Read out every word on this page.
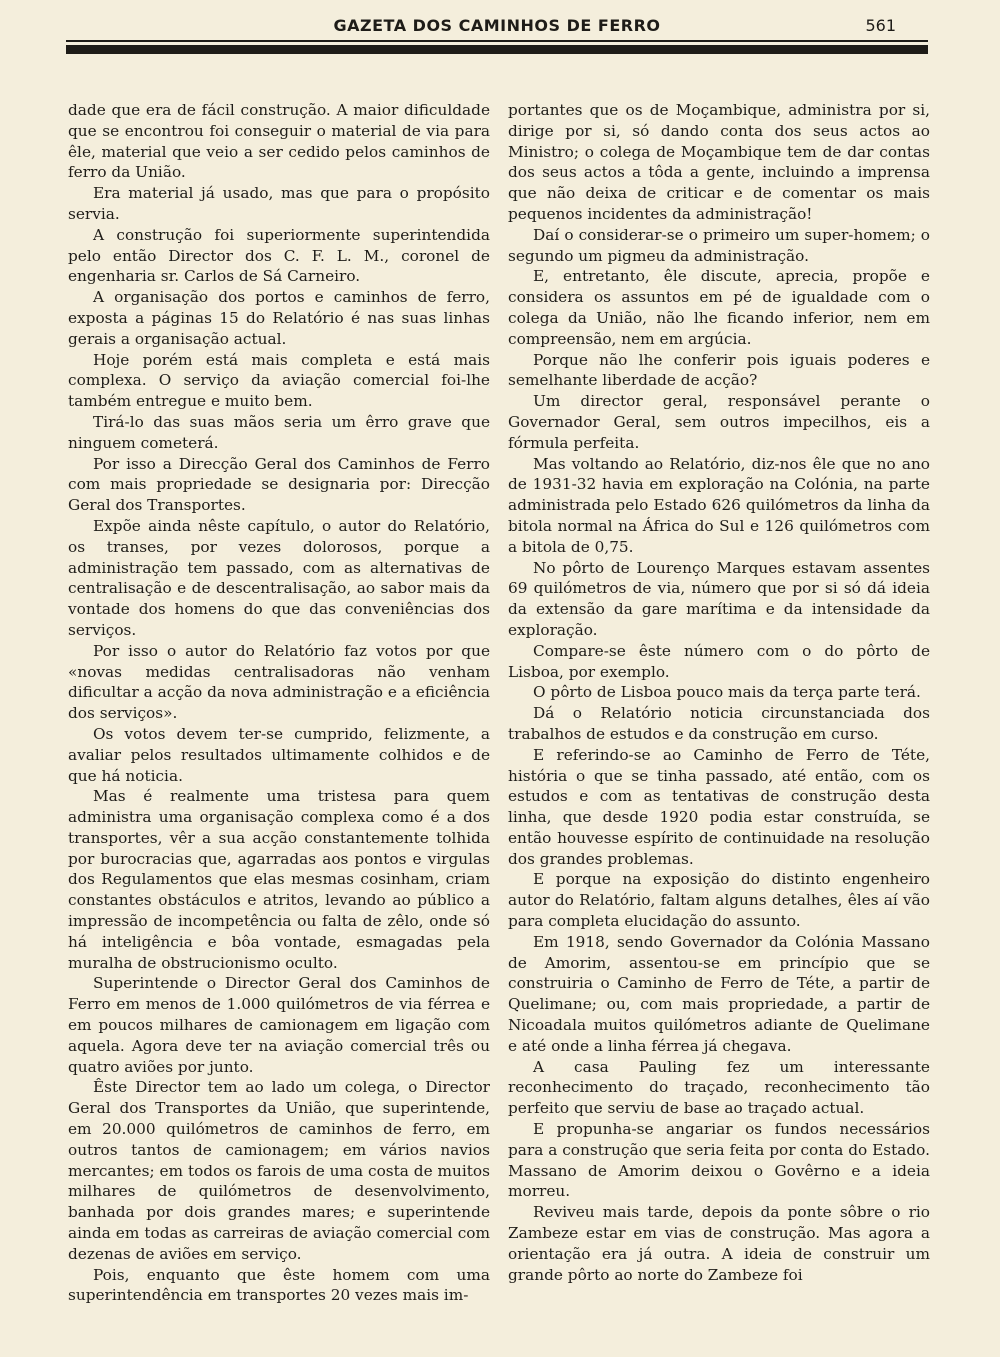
GAZETA DOS CAMINHOS DE FERRO	561

dade que era de fácil construção. A maior dificuldade que se encontrou foi conseguir o material de via para êle, material que veio a ser cedido pelos caminhos de ferro da União.

Era material já usado, mas que para o propósito servia.

A construção foi superiormente superintendida pelo então Director dos C. F. L. M., coronel de engenharia sr. Carlos de Sá Carneiro.

A organisação dos portos e caminhos de ferro, exposta a páginas 15 do Relatório é nas suas linhas gerais a organisação actual.

Hoje porém está mais completa e está mais complexa. O serviço da aviação comercial foi-lhe também entregue e muito bem.

Tirá-lo das suas mãos seria um êrro grave que ninguem cometerá.

Por isso a Direcção Geral dos Caminhos de Ferro com mais propriedade se designaria por: Direcção Geral dos Transportes.

Expõe ainda nêste capítulo, o autor do Relatório, os transes, por vezes dolorosos, porque a administração tem passado, com as alternativas de centralisação e de descentralisação, ao sabor mais da vontade dos homens do que das conveniências dos serviços.

Por isso o autor do Relatório faz votos por que «novas medidas centralisadoras não venham dificultar a acção da nova administração e a eficiência dos serviços».

Os votos devem ter-se cumprido, felizmente, a avaliar pelos resultados ultimamente colhidos e de que há noticia.

Mas é realmente uma tristesa para quem administra uma organisação complexa como é a dos transportes, vêr a sua acção constantemente tolhida por burocracias que, agarradas aos pontos e virgulas dos Regulamentos que elas mesmas cosinham, criam constantes obstáculos e atritos, levando ao público a impressão de incompetência ou falta de zêlo, onde só há inteligência e bôa vontade, esmagadas pela muralha de obstrucionismo oculto.

Superintende o Director Geral dos Caminhos de Ferro em menos de 1.000 quilómetros de via férrea e em poucos milhares de camionagem em ligação com aquela. Agora deve ter na aviação comercial três ou quatro aviões por junto.

Êste Director tem ao lado um colega, o Director Geral dos Transportes da União, que superintende, em 20.000 quilómetros de caminhos de ferro, em outros tantos de camionagem; em vários navios mercantes; em todos os farois de uma costa de muitos milhares de quilómetros de desenvolvimento, banhada por dois grandes mares; e superintende ainda em todas as carreiras de aviação comercial com dezenas de aviões em serviço.

Pois, enquanto que êste homem com uma superintendência em transportes 20 vezes mais im-

portantes que os de Moçambique, administra por si, dirige por si, só dando conta dos seus actos ao Ministro; o colega de Moçambique tem de dar contas dos seus actos a tôda a gente, incluindo a imprensa que não deixa de criticar e de comentar os mais pequenos incidentes da administração!

Daí o considerar-se o primeiro um super-homem; o segundo um pigmeu da administração.

E, entretanto, êle discute, aprecia, propõe e considera os assuntos em pé de igualdade com o colega da União, não lhe ficando inferior, nem em compreensão, nem em argúcia.

Porque não lhe conferir pois iguais poderes e semelhante liberdade de acção?

Um director geral, responsável perante o Governador Geral, sem outros impecilhos, eis a fórmula perfeita.

Mas voltando ao Relatório, diz-nos êle que no ano de 1931-32 havia em exploração na Colónia, na parte administrada pelo Estado 626 quilómetros da linha da bitola normal na África do Sul e 126 quilómetros com a bitola de 0,75.

No pôrto de Lourenço Marques estavam assentes 69 quilómetros de via, número que por si só dá ideia da extensão da gare marítima e da intensidade da exploração.

Compare-se êste número com o do pôrto de Lisboa, por exemplo.

O pôrto de Lisboa pouco mais da terça parte terá.

Dá o Relatório noticia circunstanciada dos trabalhos de estudos e da construção em curso.

E referindo-se ao Caminho de Ferro de Téte, história o que se tinha passado, até então, com os estudos e com as tentativas de construção desta linha, que desde 1920 podia estar construída, se então houvesse espírito de continuidade na resolução dos grandes problemas.

E porque na exposição do distinto engenheiro autor do Relatório, faltam alguns detalhes, êles aí vão para completa elucidação do assunto.

Em 1918, sendo Governador da Colónia Massano de Amorim, assentou-se em princípio que se construiria o Caminho de Ferro de Téte, a partir de Quelimane; ou, com mais propriedade, a partir de Nicoadala muitos quilómetros adiante de Quelimane e até onde a linha férrea já chegava.

A casa Pauling fez um interessante reconhecimento do traçado, reconhecimento tão perfeito que serviu de base ao traçado actual.

E propunha-se angariar os fundos necessários para a construção que seria feita por conta do Estado. Massano de Amorim deixou o Govêrno e a ideia morreu.

Reviveu mais tarde, depois da ponte sôbre o rio Zambeze estar em vias de construção. Mas agora a orientação era já outra. A ideia de construir um grande pôrto ao norte do Zambeze foi
